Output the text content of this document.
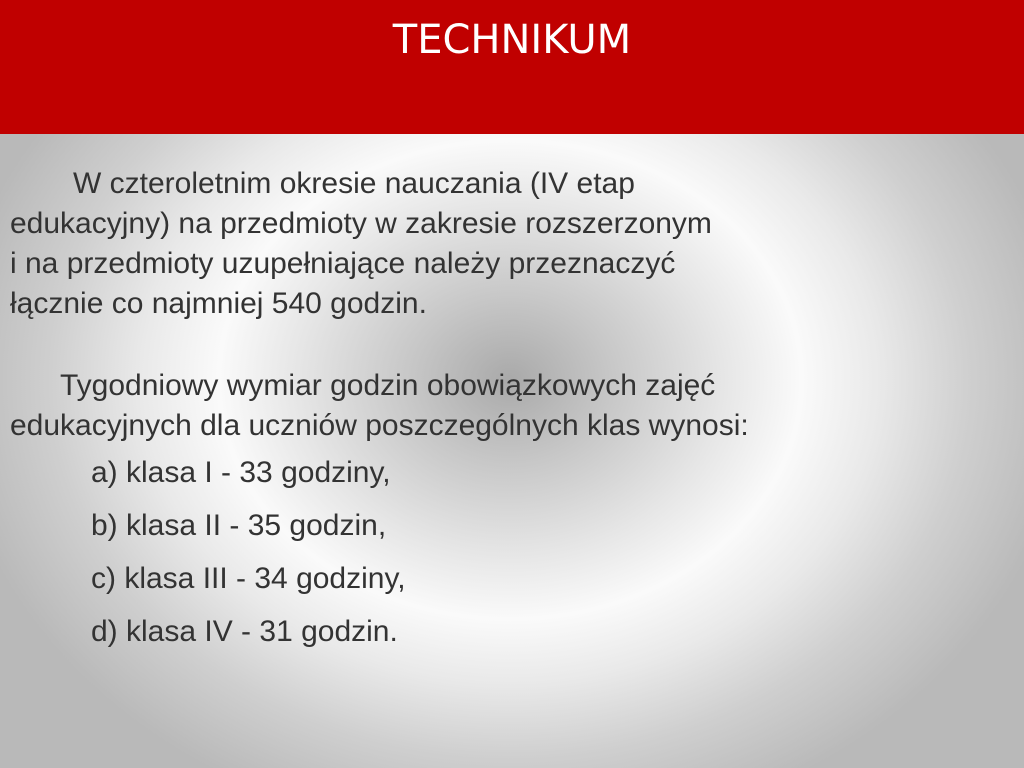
TECHNIKUM

W czteroletnim okresie nauczania (IV etap

edukacyjny) na przedmioty w zakresie rozszerzonym

i na przedmioty uzupełniające należy przeznaczyć

łącznie co najmniej 540 godzin.

Tygodniowy wymiar godzin obowiązkowych zajęć

edukacyjnych dla uczniów poszczególnych klas wynosi:

a) klasa I - 33 godziny,
b) klasa II - 35 godzin,
c) klasa III - 34 godziny,
d) klasa IV - 31 godzin.
